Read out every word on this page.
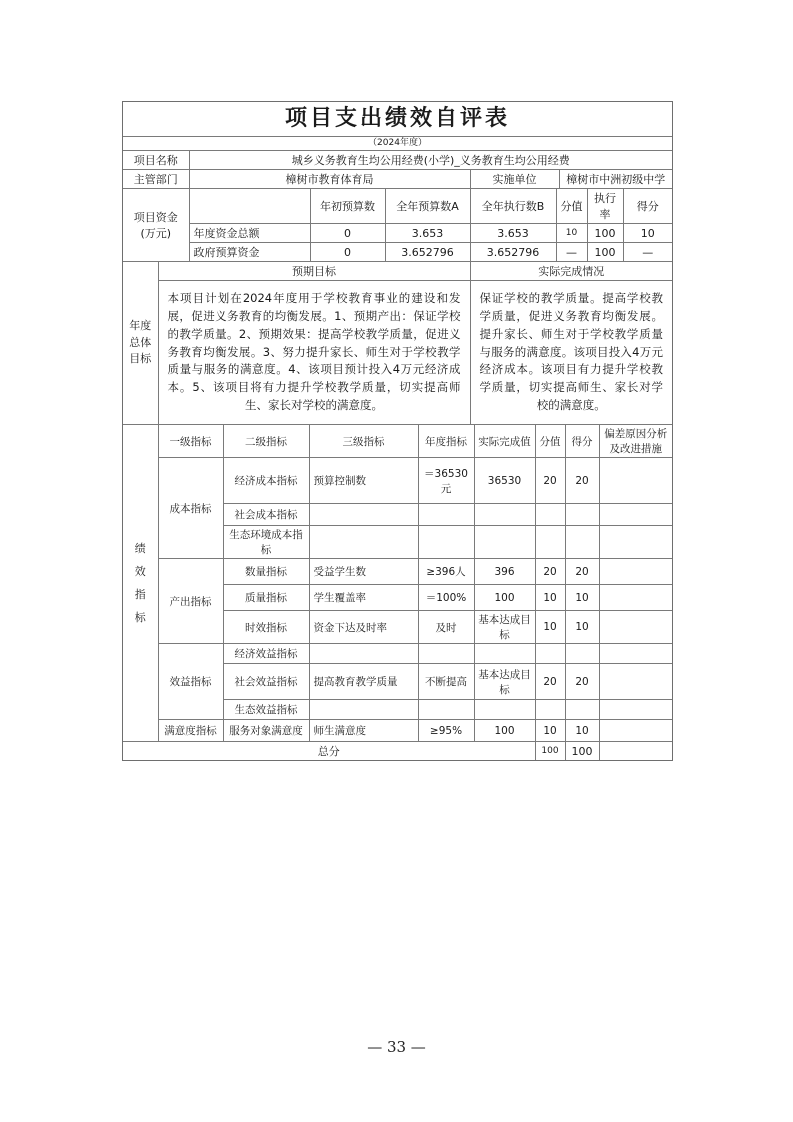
项目支出绩效自评表
（2024年度）
项目名称	城乡义务教育生均公用经费(小学)_义务教育生均公用经费		
主管部门	樟树市教育体育局	实施单位	樟树市中洲初级中学
项目资金
(万元)		年初预算数	全年预算数A	全年执行数B	分值	执行率	得分
	年度资金总额	0	3.653	3.653	10	100	10
	政府预算资金	0	3.652796	3.652796	—	100	—
年度总体目标	预期目标	实际完成情况
	本项目计划在2024年度用于学校教育事业的建设和发展，促进义务教育的均衡发展。1、预期产出：保证学校的教学质量。2、预期效果：提高学校教学质量，促进义务教育均衡发展。3、努力提升家长、师生对于学校教学质量与服务的满意度。4、该项目预计投入4万元经济成本。5、该项目将有力提升学校教学质量，切实提高师生、家长对学校的满意度。	保证学校的教学质量。提高学校教学质量，促进义务教育均衡发展。提升家长、师生对于学校教学质量与服务的满意度。该项目投入4万元经济成本。该项目有力提升学校教学质量，切实提高师生、家长对学校的满意度。
绩效指标	一级指标	二级指标	三级指标	年度指标	实际完成值	分值	得分	偏差原因分析及改进措施
	成本指标	经济成本指标	预算控制数	＝36530元	36530	20	20	
		社会成本指标						
		生态环境成本指标						
	产出指标	数量指标	受益学生数	≥396人	396	20	20	
		质量指标	学生覆盖率	＝100%	100	10	10	
		时效指标	资金下达及时率	及时	基本达成目标	10	10	
	效益指标	经济效益指标						
		社会效益指标	提高教育教学质量	不断提高	基本达成目标	20	20	
		生态效益指标						
	满意度指标	服务对象满意度	师生满意度	≥95%	100	10	10	
总分	100	100	
— 33 —
